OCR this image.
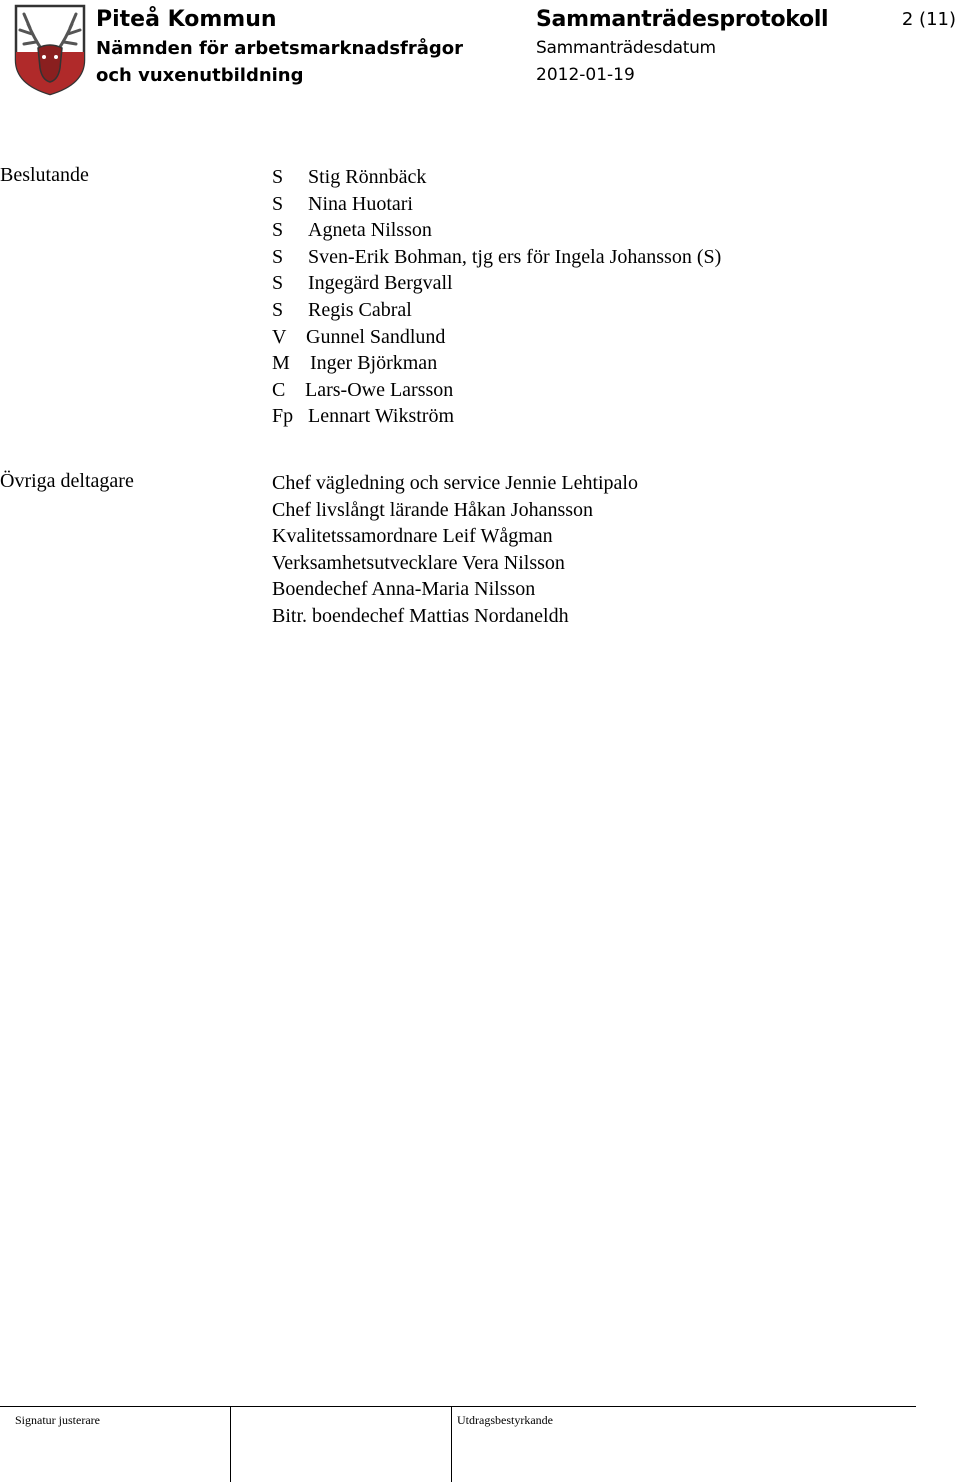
Piteå Kommun
Nämnden för arbetsmarknadsfrågor
och vuxenutbildning
Sammanträdesprotokoll
Sammanträdesdatum
2012-01-19
2 (11)
Beslutande	S Stig Rönnbäck
S Nina Huotari
S Agneta Nilsson
S Sven-Erik Bohman, tjg ers för Ingela Johansson (S)
S Ingegärd Bergvall
S Regis Cabral
V Gunnel Sandlund
M Inger Björkman
C Lars-Owe Larsson
Fp Lennart Wikström
Övriga deltagare	Chef vägledning och service Jennie Lehtipalo
Chef livslångt lärande Håkan Johansson
Kvalitetssamordnare Leif Wågman
Verksamhetsutvecklare Vera Nilsson
Boendechef Anna-Maria Nilsson
Bitr. boendechef Mattias Nordaneldh
Signatur justerare	Utdragsbestyrkande
